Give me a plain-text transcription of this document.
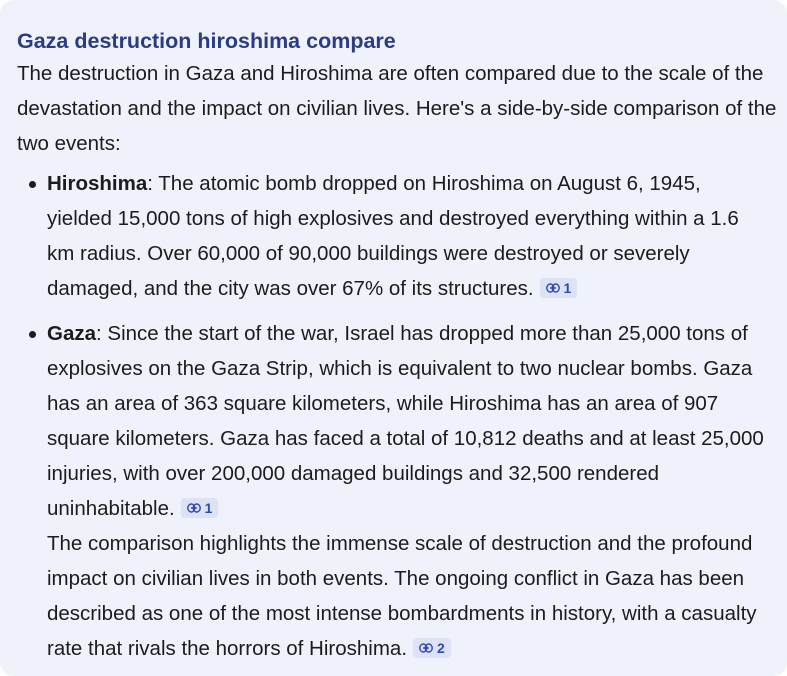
Gaza destruction hiroshima compare

The destruction in Gaza and Hiroshima are often compared due to the scale of the devastation and the impact on civilian lives. Here's a side-by-side comparison of the two events:

Hiroshima: The atomic bomb dropped on Hiroshima on August 6, 1945, yielded 15,000 tons of high explosives and destroyed everything within a 1.6 km radius. Over 60,000 of 90,000 buildings were destroyed or severely damaged, and the city was over 67% of its structures. 1
Gaza: Since the start of the war, Israel has dropped more than 25,000 tons of explosives on the Gaza Strip, which is equivalent to two nuclear bombs. Gaza has an area of 363 square kilometers, while Hiroshima has an area of 907 square kilometers. Gaza has faced a total of 10,812 deaths and at least 25,000 injuries, with over 200,000 damaged buildings and 32,500 rendered uninhabitable. 1
The comparison highlights the immense scale of destruction and the profound impact on civilian lives in both events. The ongoing conflict in Gaza has been described as one of the most intense bombardments in history, with a casualty rate that rivals the horrors of Hiroshima. 2
